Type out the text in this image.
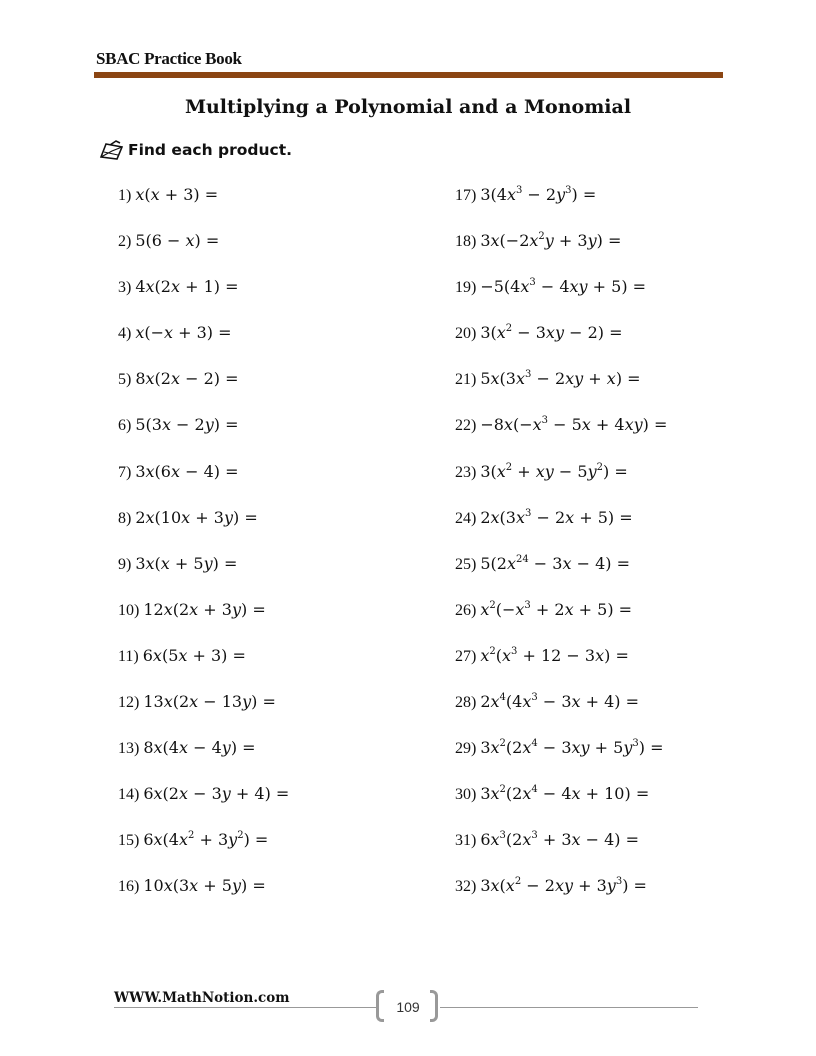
SBAC Practice Book
Multiplying a Polynomial and a Monomial
Find each product.
1) x(x + 3) =
2) 5(6 − x) =
3) 4x(2x + 1) =
4) x(−x + 3) =
5) 8x(2x − 2) =
6) 5(3x − 2y) =
7) 3x(6x − 4) =
8) 2x(10x + 3y) =
9) 3x(x + 5y) =
10) 12x(2x + 3y) =
11) 6x(5x + 3) =
12) 13x(2x − 13y) =
13) 8x(4x − 4y) =
14) 6x(2x − 3y + 4) =
15) $6x(4x^2 + 3y^2)$ =
16) 10x(3x + 5y) =
17) $3(4x^3 - 2y^3)$ =
18) $3x(-2x^2y + 3y)$ =
$19) -5(4x^3 - 4xy + 5)$ =
20) $3(x^2 - 3xy - 2)$ =
21) $5x(3x^3 - 2xy + x)$ =
$22) -8x(-x^3 - 5x + 4xy)$ =
23) $3(x^2$ + xy − $5y^2$) =
24) $2x(3x^3 - 2x + 5)$ =
25) $5(2x^{24} - 3x - 4)$ =
26) $x^2(-x^3 + 2x + 5)$ =
27) $x^2(x^3 + 12 - 3x)$ =
28) $2x^4(4x^3 - 3x + 4)$ =
29) $3x^2(2x^4 - 3xy + 5y^3)$ =
30) $3x^2(2x^4 - 4x + 10)$ =
31) $6x^3(2x^3 + 3x - 4)$ =
32) $3x(x^2 - 2xy + 3y^3)$ =
WWW.MathNotion.com
109
